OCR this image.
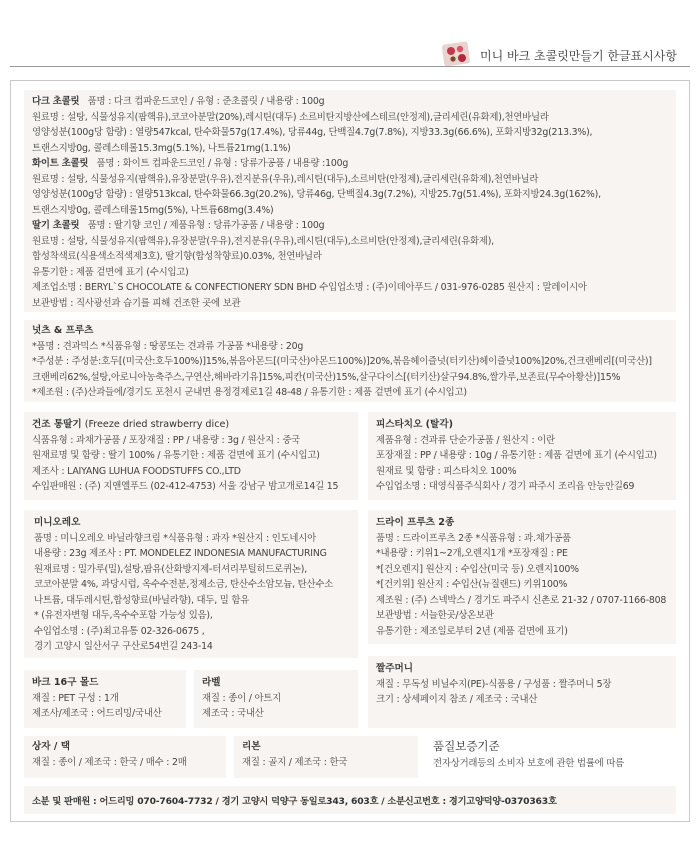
미니 바크 초콜릿만들기 한글표시사항
다크 초콜릿 품명 : 다크 컴파운드코인 / 유형 : 준초콜릿 / 내용량 : 100g
원료명 : 설탕, 식물성유지(팜핵유),코코아분말(20%),레시틴(대두) 소르비탄지방산에스테르(안정제),글리세린(유화제),천연바닐라
영양성분(100g당 함량) : 열량547kcal, 탄수화물57g(17.4%), 당류44g, 단백질4.7g(7.8%), 지방33.3g(66.6%), 포화지방32g(213.3%),
트랜스지방0g, 콜레스테롤15.3mg(5.1%), 나트륨21mg(1.1%)
화이트 초콜릿 품명 : 화이트 컴파운드코인 / 유형 : 당류가공품 / 내용량 :100g
원료명 : 설탕, 식물성유지(팜핵유),유장분말(우유),전지분유(우유),레시틴(대두),소르비탄(안정제),글리세린(유화제),천연바닐라
영양성분(100g당 함량) : 열량513kcal, 탄수화물66.3g(20.2%), 당류46g, 단백질4.3g(7.2%), 지방25.7g(51.4%), 포화지방24.3g(162%),
트랜스지방0g, 콜레스테롤15mg(5%), 나트륨68mg(3.4%)
딸기 초콜릿 품명 : 딸기향 코인 / 제품유형 : 당류가공품 / 내용량 : 100g
원료명 : 설탕, 식물성유지(팜핵유),유장분말(우유),전지분유(우유),레시틴(대두),소르비탄(안정제),글리세린(유화제),
합성착색료(식용색소적색제3호), 딸기향(합성착향료)0.03%, 천연바닐라
유통기한 : 제품 겉면에 표기 (수시입고)
제조업소명 : BERYL`S CHOCOLATE & CONFECTIONERY SDN BHD 수입업소명 : (주)이데아푸드 / 031-976-0285 원산지 : 말레이시아
보관방법 : 직사광선과 습기를 피해 건조한 곳에 보관
넛츠 & 프루츠
*품명 : 견과믹스 *식품유형 : 땅콩또는 견과류 가공품 *내용량 : 20g
*주성분 : 주성분:호두[(미국산:호두100%)]15%,볶음아몬드[(미국산)아몬드100%)]20%,볶음헤이즐넛(터키산)헤이즐넛100%]20%,건크랜베리[(미국산)]
크랜베리62%,설탕,아로니아농축주스,구연산,해바라기유]15%,피칸(미국산)15%,살구다이스[(터키산)살구94.8%,쌀가루,보존료(무수아황산)]15%
*제조원 : (주)산과들에/경기도 포천시 군내면 용정경제로1길 48-48 / 유통기한 : 제품 겉면에 표기 (수시입고)
건조 통딸기 (Freeze dried strawberry dice)
식품유형 : 과채가공품 / 포장재질 : PP / 내용량 : 3g / 원산지 : 중국
원재료명 및 함량 : 딸기 100% / 유통기한 : 제품 겉면에 표기 (수시입고)
제조사 : LAIYANG LUHUA FOODSTUFFS CO.,LTD
수입판매원 : (주) 지앤엘푸드 (02-412-4753) 서울 강남구 밤고개로14길 15
피스타치오 (탈각)
제품유형 : 견과류 단순가공품 / 원산지 : 이란
포장재질 : PP / 내용량 : 10g / 유통기한 : 제품 겉면에 표기 (수시입고)
원재료 및 함량 : 피스타치오 100%
수입업소명 : 대영식품주식회사 / 경기 파주시 조리읍 안능안길69
미니오레오
품명 : 미니오레오 바닐라향크림 *식품유형 : 과자 *원산지 : 인도네시아
내용량 : 23g 제조사 : PT. MONDELEZ INDONESIA MANUFACTURING
원재료명 : 밀가루(밀),설탕,팜유(산화방지제-터셔리부틸히드로퀴논),
코코아분말 4%, 과당시럽, 옥수수전분,정제소금, 탄산수소암모늄, 탄산수소
나트륨, 대두레시틴,합성향료(바닐라향), 대두, 밀 함유
* (유전자변형 대두,옥수수포함 가능성 있음),
수입업소명 : (주)최고유통 02-326-0675 ,
경기 고양시 일산서구 구산로54번길 243-14
드라이 프루츠 2종
품명 : 드라이프루츠 2종 *식품유형 : 과.채가공품
*내용량 : 키위1~2개,오렌지1개 *포장재질 : PE
*[건오렌지] 원산지 : 수입산(미국 등) 오렌지100%
*[건키위] 원산지 : 수입산(뉴질랜드) 키위100%
제조원 : (주) 스넥박스 / 경기도 파주시 신촌로 21-32 / 0707-1166-808
보관방법 : 서늘한곳/상온보관
유통기한 : 제조일로부터 2년 (제품 겉면에 표기)
바크 16구 몰드
재질 : PET 구성 : 1개
제조사/제조국 : 어드리밍/국내산
라벨
재질 : 종이 / 아트지
제조국 : 국내산
짤주머니
재질 : 무독성 비닐수지(PE)-식품용 / 구성품 : 짤주머니 5장
크기 : 상세페이지 참조 / 제조국 : 국내산
상자 / 택
재질 : 종이 / 제조국 : 한국 / 매수 : 2매
리본
재질 : 골지 / 제조국 : 한국
품질보증기준
전자상거래등의 소비자 보호에 관한 법률에 따름
소분 및 판매원 : 어드리밍 070-7604-7732 / 경기 고양시 덕양구 동일로343, 603호 / 소분신고번호 : 경기고양덕양-0370363호
